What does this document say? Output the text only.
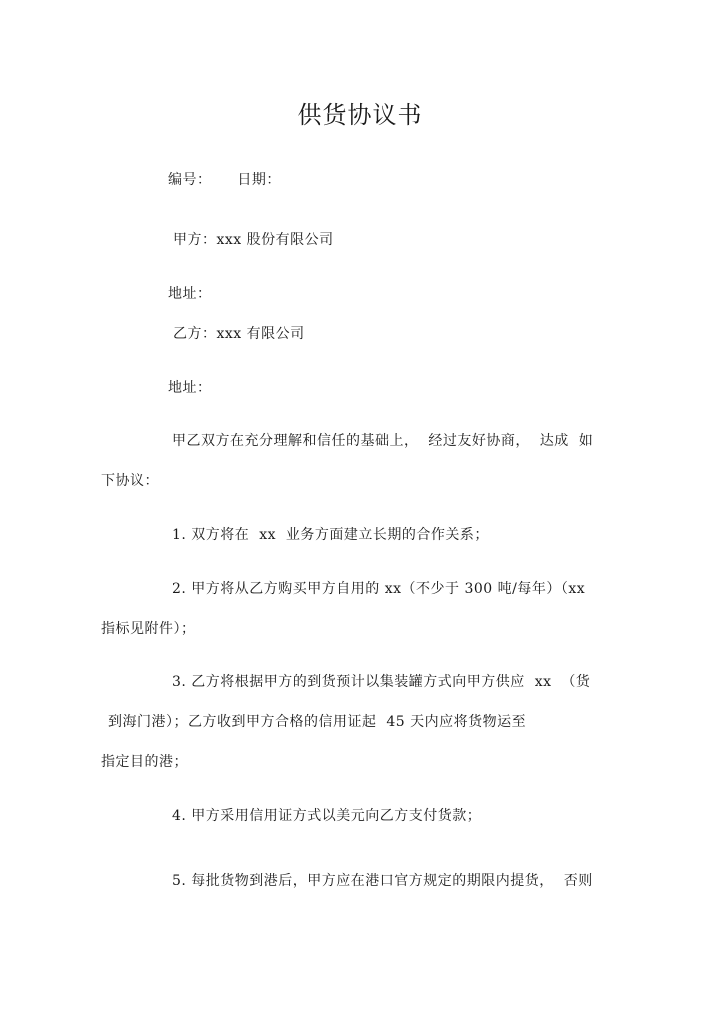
供货协议书
编号： 日期：
甲方：xxx 股份有限公司
地址：
乙方：xxx 有限公司
地址：
甲乙双方在充分理解和信任的基础上，  经过友好协商，  达成  如
下协议：
1. 双方将在  xx  业务方面建立长期的合作关系；
2. 甲方将从乙方购买甲方自用的 xx（不少于 300 吨/每年）（xx
指标见附件）；
3. 乙方将根据甲方的到货预计以集装罐方式向甲方供应  xx  （货
到海门港）；乙方收到甲方合格的信用证起  45 天内应将货物运至
指定目的港；
4. 甲方采用信用证方式以美元向乙方支付货款；
5. 每批货物到港后，甲方应在港口官方规定的期限内提货，  否则
